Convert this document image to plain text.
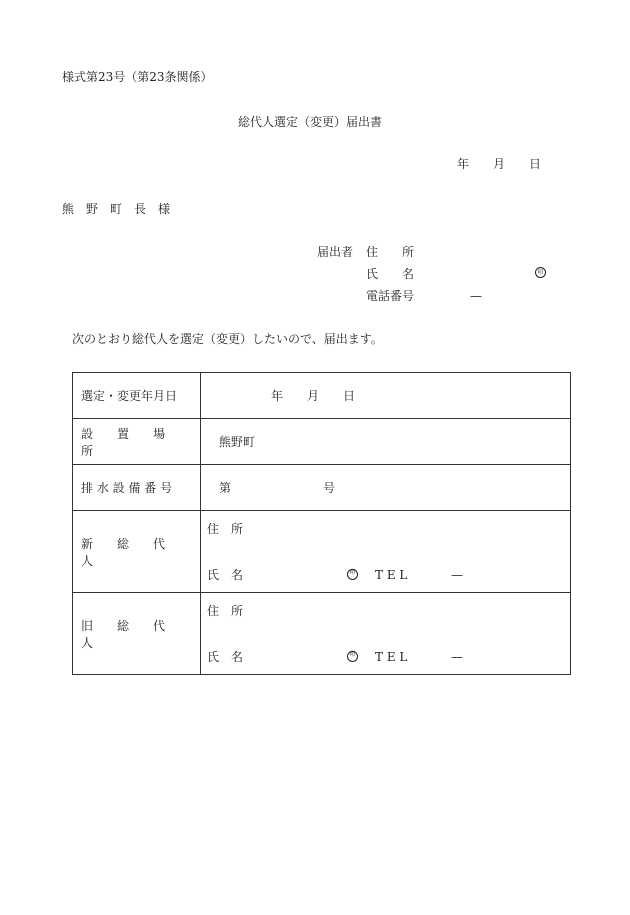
様式第23号（第23条関係）
総代人選定（変更）届出書
年　　月　　日
熊　野　町　長　様
届出者 住　　所
氏　　名	印
電話番号	—
次のとおり総代人を選定（変更）したいので、届出ます。
選定・変更年月日	年　　月　　日

設　　置　　場　　所	熊野町

排 水 設 備 番 号	第 号

新　　総　　代　　人	住　所
氏　名 印 T E L —

旧　　総　　代　　人	住　所
氏　名 印 T E L —
